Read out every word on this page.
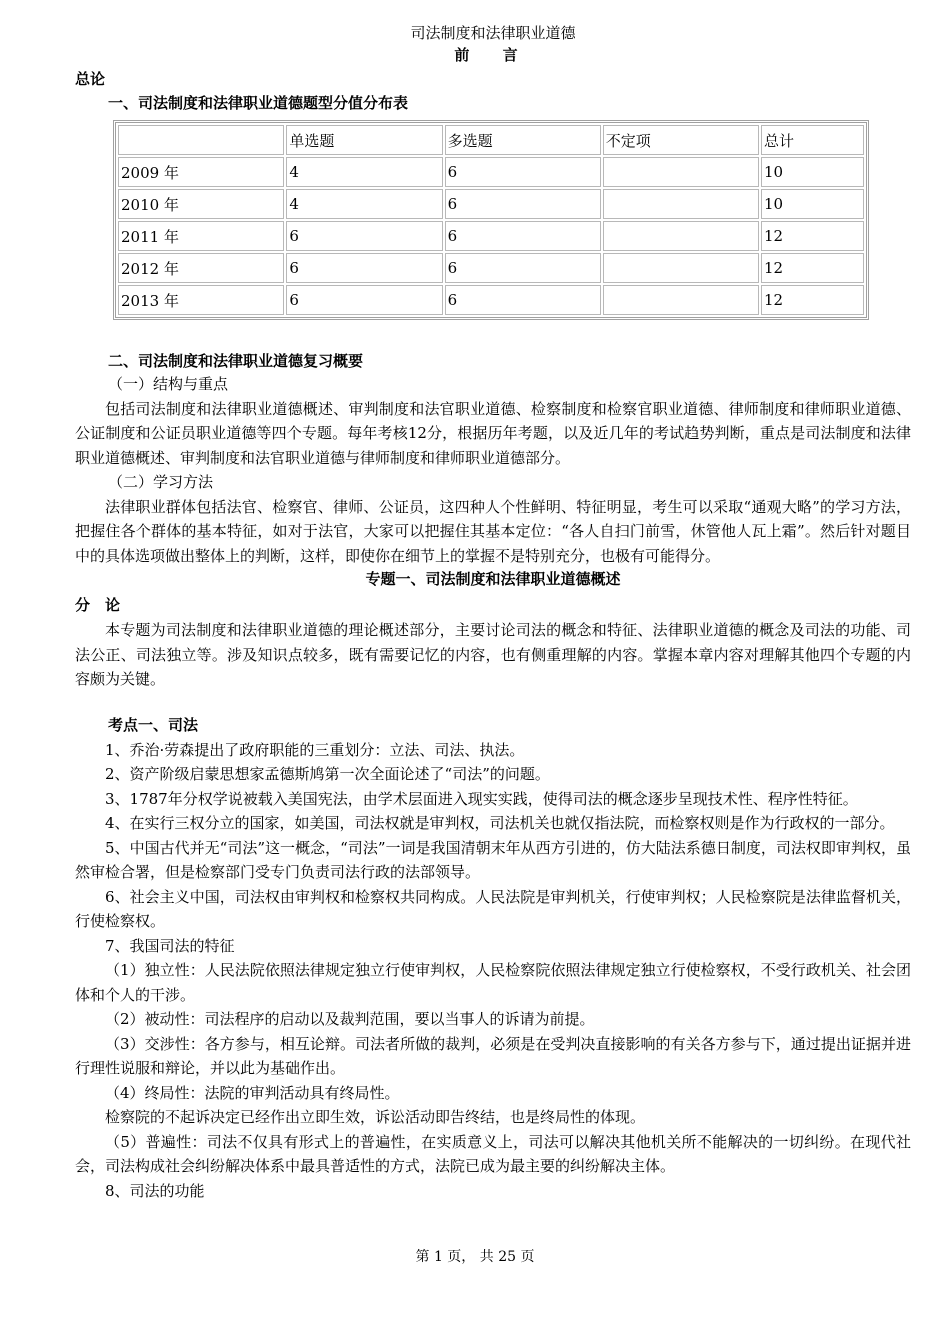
司法制度和法律职业道德
前 言
总论
一、司法制度和法律职业道德题型分值分布表
	单选题	多选题	不定项	总计
2009 年	4	6		10
2010 年	4	6		10
2011 年	6	6		12
2012 年	6	6		12
2013 年	6	6		12
二、司法制度和法律职业道德复习概要

（一）结构与重点

包括司法制度和法律职业道德概述、审判制度和法官职业道德、检察制度和检察官职业道德、律师制度和律师职业道德、公证制度和公证员职业道德等四个专题。每年考核12分，根据历年考题，以及近几年的考试趋势判断，重点是司法制度和法律职业道德概述、审判制度和法官职业道德与律师制度和律师职业道德部分。

（二）学习方法

法律职业群体包括法官、检察官、律师、公证员，这四种人个性鲜明、特征明显，考生可以采取“通观大略”的学习方法，把握住各个群体的基本特征，如对于法官，大家可以把握住其基本定位：“各人自扫门前雪，休管他人瓦上霜”。然后针对题目中的具体选项做出整体上的判断，这样，即使你在细节上的掌握不是特别充分，也极有可能得分。

专题一、司法制度和法律职业道德概述
分　论

本专题为司法制度和法律职业道德的理论概述部分，主要讨论司法的概念和特征、法律职业道德的概念及司法的功能、司法公正、司法独立等。涉及知识点较多，既有需要记忆的内容，也有侧重理解的内容。掌握本章内容对理解其他四个专题的内容颇为关键。

考点一、司法

1、乔治·劳森提出了政府职能的三重划分：立法、司法、执法。

2、资产阶级启蒙思想家孟德斯鸠第一次全面论述了“司法”的问题。

3、1787年分权学说被载入美国宪法，由学术层面进入现实实践，使得司法的概念逐步呈现技术性、程序性特征。

4、在实行三权分立的国家，如美国，司法权就是审判权，司法机关也就仅指法院，而检察权则是作为行政权的一部分。

5、中国古代并无“司法”这一概念，“司法”一词是我国清朝末年从西方引进的，仿大陆法系德日制度，司法权即审判权，虽然审检合署，但是检察部门受专门负责司法行政的法部领导。

6、社会主义中国，司法权由审判权和检察权共同构成。人民法院是审判机关，行使审判权；人民检察院是法律监督机关，行使检察权。

7、我国司法的特征

（1）独立性：人民法院依照法律规定独立行使审判权，人民检察院依照法律规定独立行使检察权，不受行政机关、社会团体和个人的干涉。

（2）被动性：司法程序的启动以及裁判范围，要以当事人的诉请为前提。

（3）交涉性：各方参与，相互论辩。司法者所做的裁判，必须是在受判决直接影响的有关各方参与下，通过提出证据并进行理性说服和辩论，并以此为基础作出。

（4）终局性：法院的审判活动具有终局性。

检察院的不起诉决定已经作出立即生效，诉讼活动即告终结，也是终局性的体现。

（5）普遍性：司法不仅具有形式上的普遍性，在实质意义上，司法可以解决其他机关所不能解决的一切纠纷。在现代社会，司法构成社会纠纷解决体系中最具普适性的方式，法院已成为最主要的纠纷解决主体。

8、司法的功能

第 1 页， 共 25 页
